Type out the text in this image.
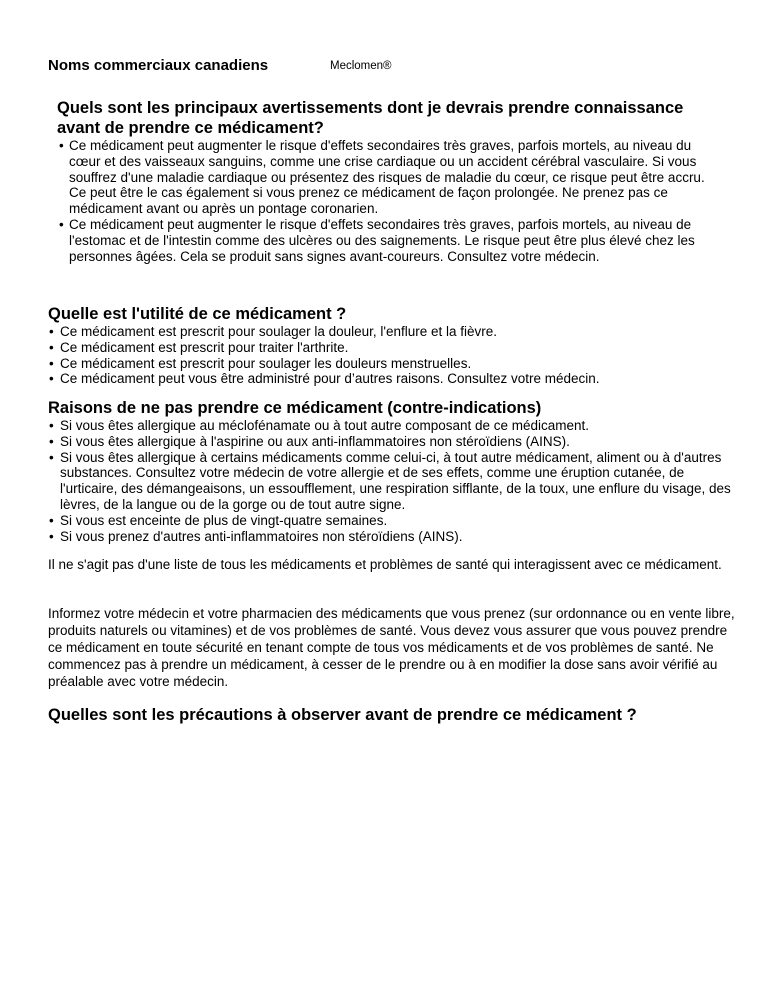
Noms commerciaux canadiens	Meclomen®
Quels sont les principaux avertissements dont je devrais prendre connaissance avant de prendre ce médicament?
• Ce médicament peut augmenter le risque d'effets secondaires très graves, parfois mortels, au niveau du cœur et des vaisseaux sanguins, comme une crise cardiaque ou un accident cérébral vasculaire. Si vous souffrez d'une maladie cardiaque ou présentez des risques de maladie du cœur, ce risque peut être accru. Ce peut être le cas également si vous prenez ce médicament de façon prolongée. Ne prenez pas ce médicament avant ou après un pontage coronarien.
• Ce médicament peut augmenter le risque d'effets secondaires très graves, parfois mortels, au niveau de l'estomac et de l'intestin comme des ulcères ou des saignements. Le risque peut être plus élevé chez les personnes âgées. Cela se produit sans signes avant-coureurs. Consultez votre médecin.
Quelle est l'utilité de ce médicament ?
• Ce médicament est prescrit pour soulager la douleur, l'enflure et la fièvre.
• Ce médicament est prescrit pour traiter l'arthrite.
• Ce médicament est prescrit pour soulager les douleurs menstruelles.
• Ce médicament peut vous être administré pour d’autres raisons. Consultez votre médecin.
Raisons de ne pas prendre ce médicament (contre-indications)
• Si vous êtes allergique au méclofénamate ou à tout autre composant de ce médicament.
• Si vous êtes allergique à l'aspirine ou aux anti-inflammatoires non stéroïdiens (AINS).
• Si vous êtes allergique à certains médicaments comme celui-ci, à tout autre médicament, aliment ou à d'autres substances. Consultez votre médecin de votre allergie et de ses effets, comme une éruption cutanée, de l'urticaire, des démangeaisons, un essoufflement, une respiration sifflante, de la toux, une enflure du visage, des lèvres, de la langue ou de la gorge ou de tout autre signe.
• Si vous est enceinte de plus de vingt-quatre semaines.
• Si vous prenez d'autres anti-inflammatoires non stéroïdiens (AINS).

Il ne s'agit pas d'une liste de tous les médicaments et problèmes de santé qui interagissent avec ce médicament.

Informez votre médecin et votre pharmacien des médicaments que vous prenez (sur ordonnance ou en vente libre, produits naturels ou vitamines) et de vos problèmes de santé. Vous devez vous assurer que vous pouvez prendre ce médicament en toute sécurité en tenant compte de tous vos médicaments et de vos problèmes de santé. Ne commencez pas à prendre un médicament, à cesser de le prendre ou à en modifier la dose sans avoir vérifié au préalable avec votre médecin.

Quelles sont les précautions à observer avant de prendre ce médicament ?
